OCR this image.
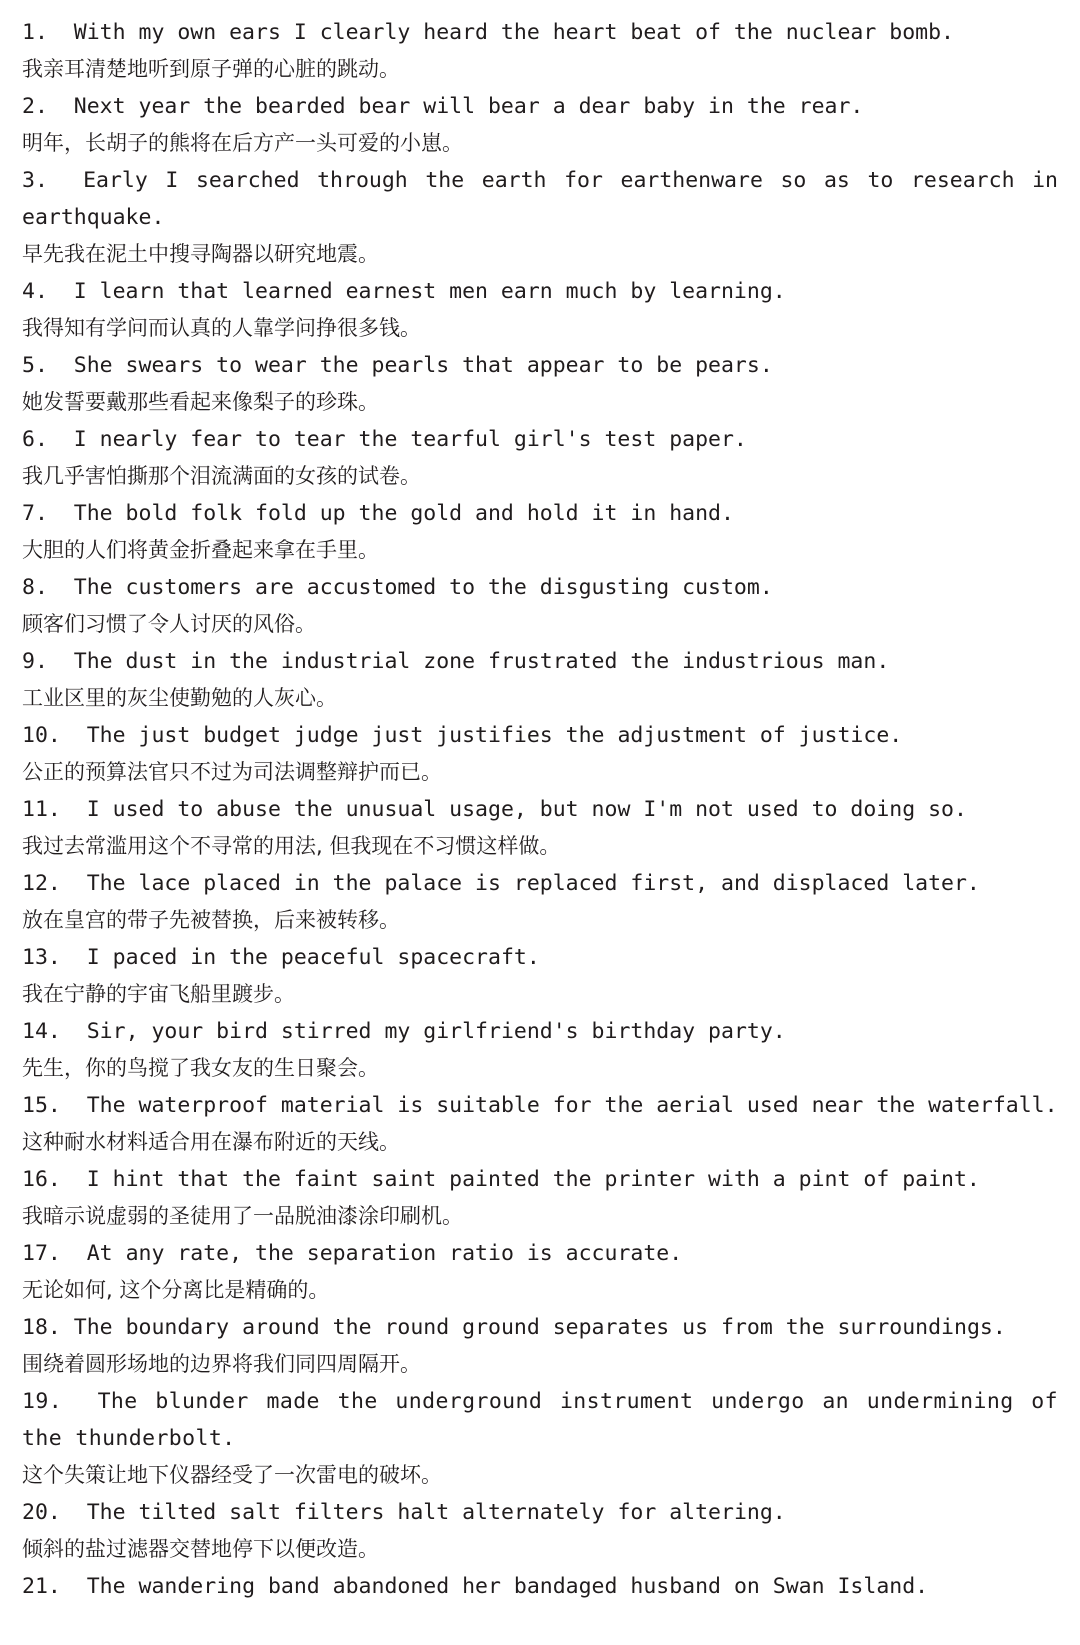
1. With my own ears I clearly heard the heart beat of the nuclear bomb.
我亲耳清楚地听到原子弹的心脏的跳动。
2. Next year the bearded bear will bear a dear baby in the rear.
明年，长胡子的熊将在后方产一头可爱的小崽。
3. Early I searched through the earth for earthenware so as to research in earthquake.
早先我在泥土中搜寻陶器以研究地震。
4. I learn that learned earnest men earn much by learning.
我得知有学问而认真的人靠学问挣很多钱。
5. She swears to wear the pearls that appear to be pears.
她发誓要戴那些看起来像梨子的珍珠。
6. I nearly fear to tear the tearful girl's test paper.
我几乎害怕撕那个泪流满面的女孩的试卷。
7. The bold folk fold up the gold and hold it in hand.
大胆的人们将黄金折叠起来拿在手里。
8. The customers are accustomed to the disgusting custom.
顾客们习惯了令人讨厌的风俗。
9. The dust in the industrial zone frustrated the industrious man.
工业区里的灰尘使勤勉的人灰心。
10. The just budget judge just justifies the adjustment of justice.
公正的预算法官只不过为司法调整辩护而已。
11. I used to abuse the unusual usage, but now I'm not used to doing so.
我过去常滥用这个不寻常的用法, 但我现在不习惯这样做。
12. The lace placed in the palace is replaced first, and displaced later.
放在皇宫的带子先被替换，后来被转移。
13. I paced in the peaceful spacecraft.
我在宁静的宇宙飞船里踱步。
14. Sir, your bird stirred my girlfriend's birthday party.
先生，你的鸟搅了我女友的生日聚会。
15. The waterproof material is suitable for the aerial used near the waterfall.
这种耐水材料适合用在瀑布附近的天线。
16. I hint that the faint saint painted the printer with a pint of paint.
我暗示说虚弱的圣徒用了一品脱油漆涂印刷机。
17. At any rate, the separation ratio is accurate.
无论如何, 这个分离比是精确的。
18. The boundary around the round ground separates us from the surroundings.
围绕着圆形场地的边界将我们同四周隔开。
19. The blunder made the underground instrument undergo an undermining of the thunderbolt.
这个失策让地下仪器经受了一次雷电的破坏。
20. The tilted salt filters halt alternately for altering.
倾斜的盐过滤器交替地停下以便改造。
21. The wandering band abandoned her bandaged husband on Swan Island.
